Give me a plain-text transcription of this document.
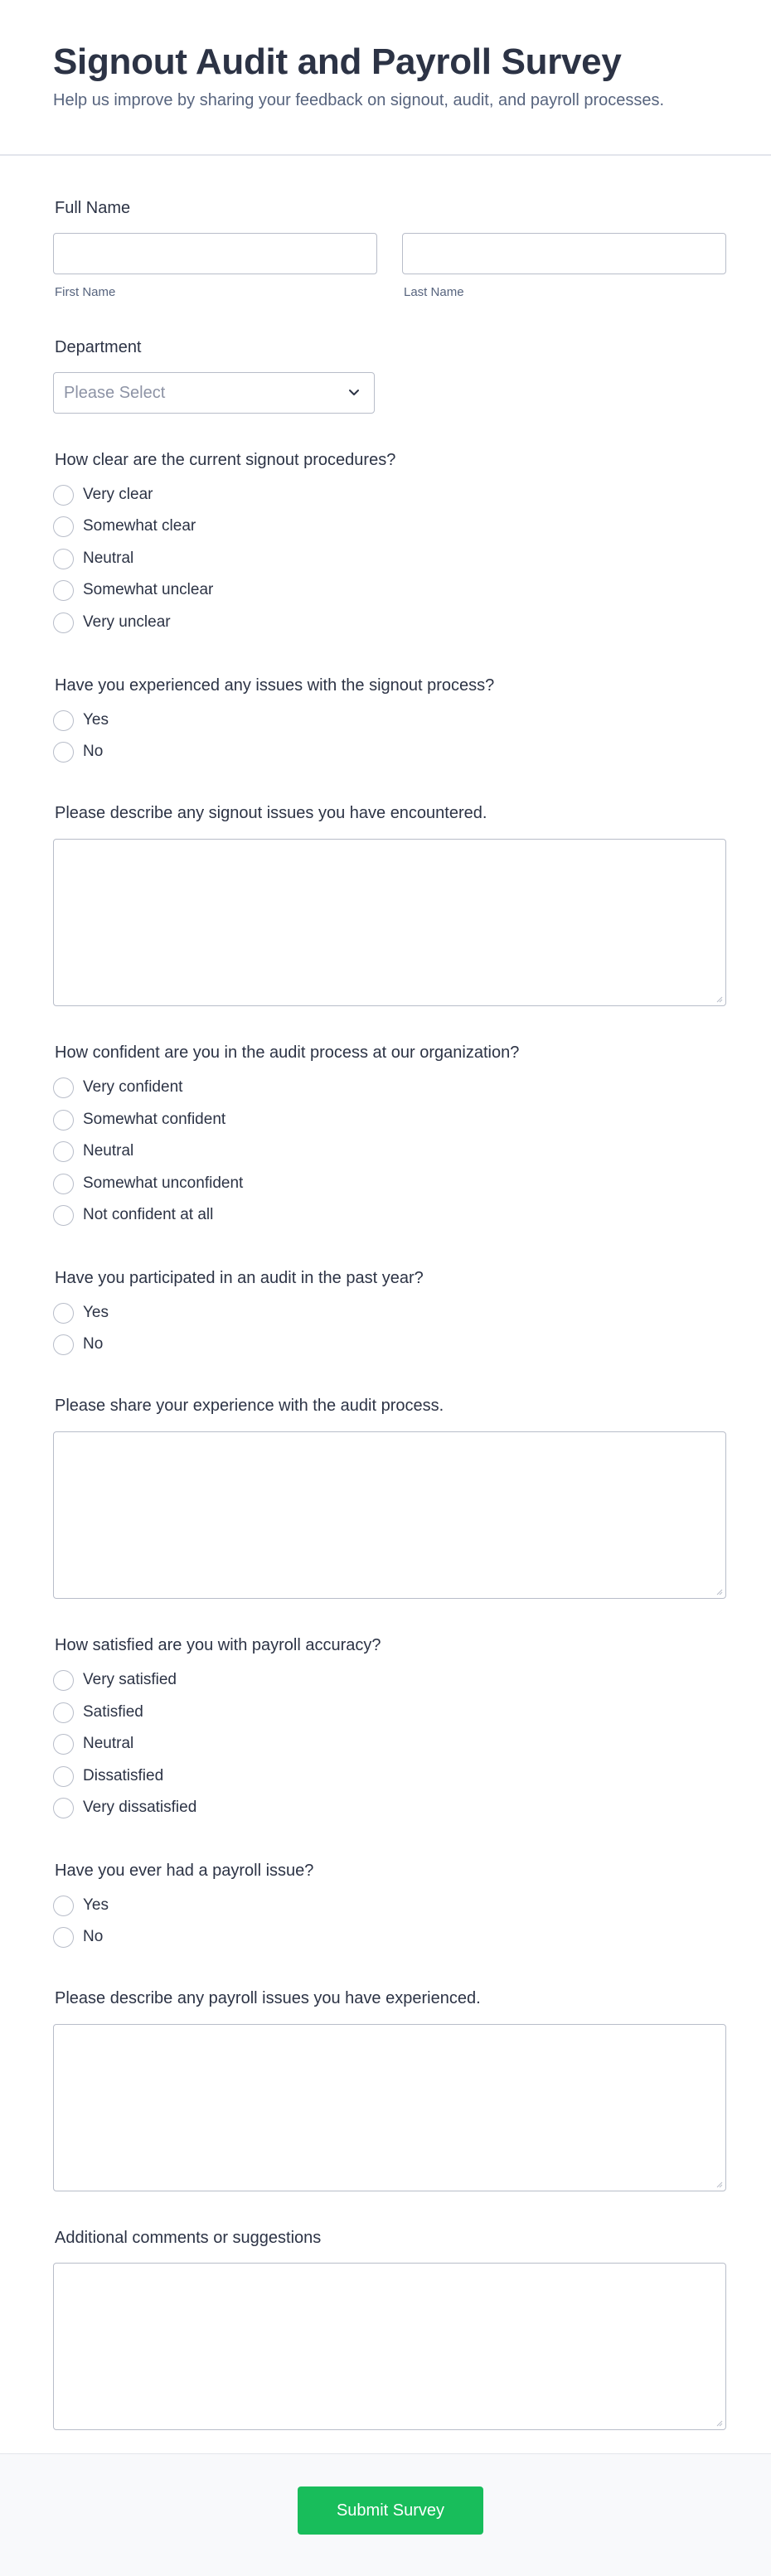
Signout Audit and Payroll Survey
Help us improve by sharing your feedback on signout, audit, and payroll processes.
Full Name
First Name	Last Name
Department
Please Select
How clear are the current signout procedures?
Very clear
Somewhat clear
Neutral
Somewhat unclear
Very unclear
Have you experienced any issues with the signout process?
Yes
No
Please describe any signout issues you have encountered.
How confident are you in the audit process at our organization?
Very confident
Somewhat confident
Neutral
Somewhat unconfident
Not confident at all
Have you participated in an audit in the past year?
Yes
No
Please share your experience with the audit process.
How satisfied are you with payroll accuracy?
Very satisfied
Satisfied
Neutral
Dissatisfied
Very dissatisfied
Have you ever had a payroll issue?
Yes
No
Please describe any payroll issues you have experienced.
Additional comments or suggestions
Submit Survey
